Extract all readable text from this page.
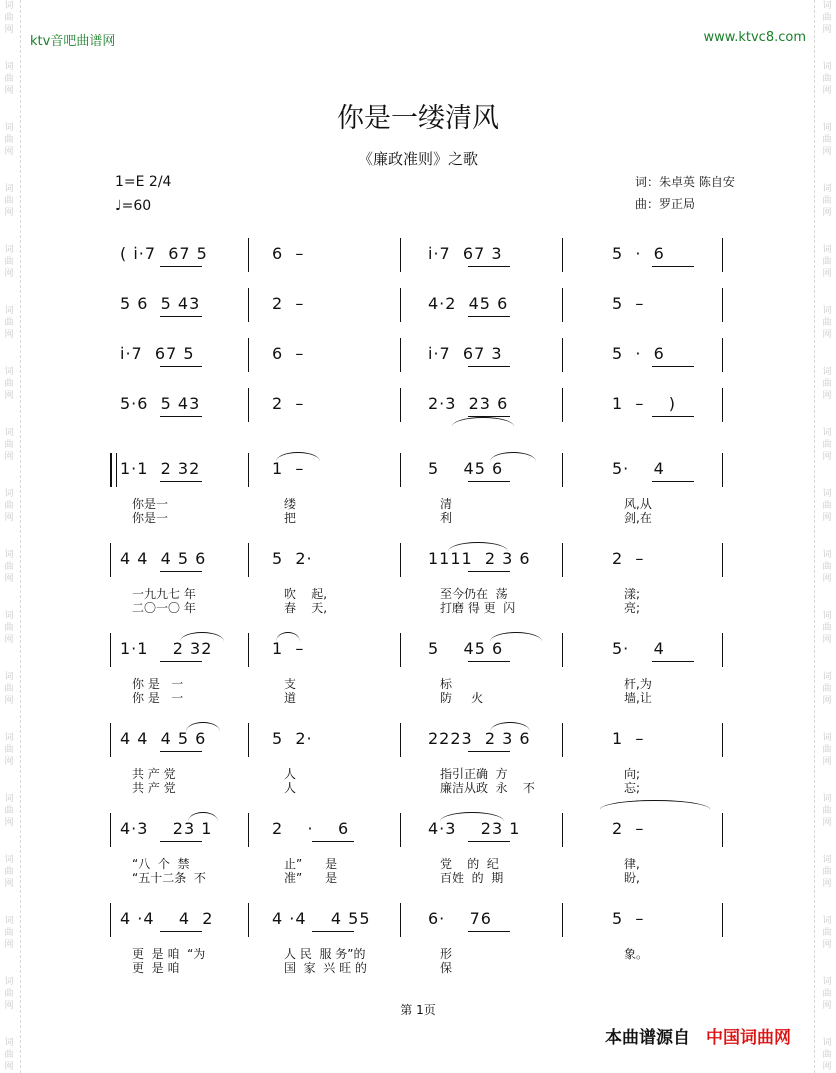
词
曲
网
词
曲
网
词
曲
网
词
曲
网
词
曲
网
词
曲
网
词
曲
网
词
曲
网
词
曲
网
词
曲
网
词
曲
网
词
曲
网
词
曲
网
词
曲
网
词
曲
网
词
曲
网
词
曲
网
词
曲
网
词
曲
网
词
曲
网
词
曲
网
词
曲
网
词
曲
网
词
曲
网
词
曲
网
词
曲
网
词
曲
网
词
曲
网
词
曲
网
词
曲
网
词
曲
网
词
曲
网
词
曲
网
词
曲
网
词
曲
网
词
曲
网
ktv音吧曲谱网	www.ktvc8.com
你是一缕清风
《廉政准则》之歌
1=E 2/4
♩=60
词：朱卓英 陈自安
曲：罗正局
( i̇·7  67 5	6  –	i̇·7  67 3	5  ·  6
5 6  5 43	2  –	4·2  45 6	5  –
i̇·7  67 5	6  –	i̇·7  67 3	5  ·  6
5·6  5 43	2  –	2·3  23 6	1  –    )
1·1  2 32	1  –	5    45 6	5·    4
你是一	缕	清	风,从
你是一	把	利	剑,在
4 4  4 5 6	5  2·	1111  2 3 6	2  –
一九九七 年	吹    起,	至今仍在  荡	漾;
二〇一〇 年	春    天,	打磨 得 更  闪	亮;
1·1    2 32	1  –	5    45 6	5·    4
你 是   一	支	标	杆,为
你 是   一	道	防     火	墙,让
4 4  4 5 6	5  2·	2223  2 3 6	1  –
共 产 党	人	指引正确  方	向;
共 产 党	人	廉洁从政  永    不	忘;
4·3    23 1	2    ·    6	4·3    23 1	2  –
“八  个  禁	止”      是	党    的  纪	律,
“五十二条  不	准”      是	百姓  的  期	盼,
4 ·4    4  2	4 ·4    4 55	6·    76	5  –
更  是 咱  “为	人 民  服 务”的	形	象。
更  是 咱	国  家  兴 旺 的	保
第 1页
本曲谱源自 中国词曲网
